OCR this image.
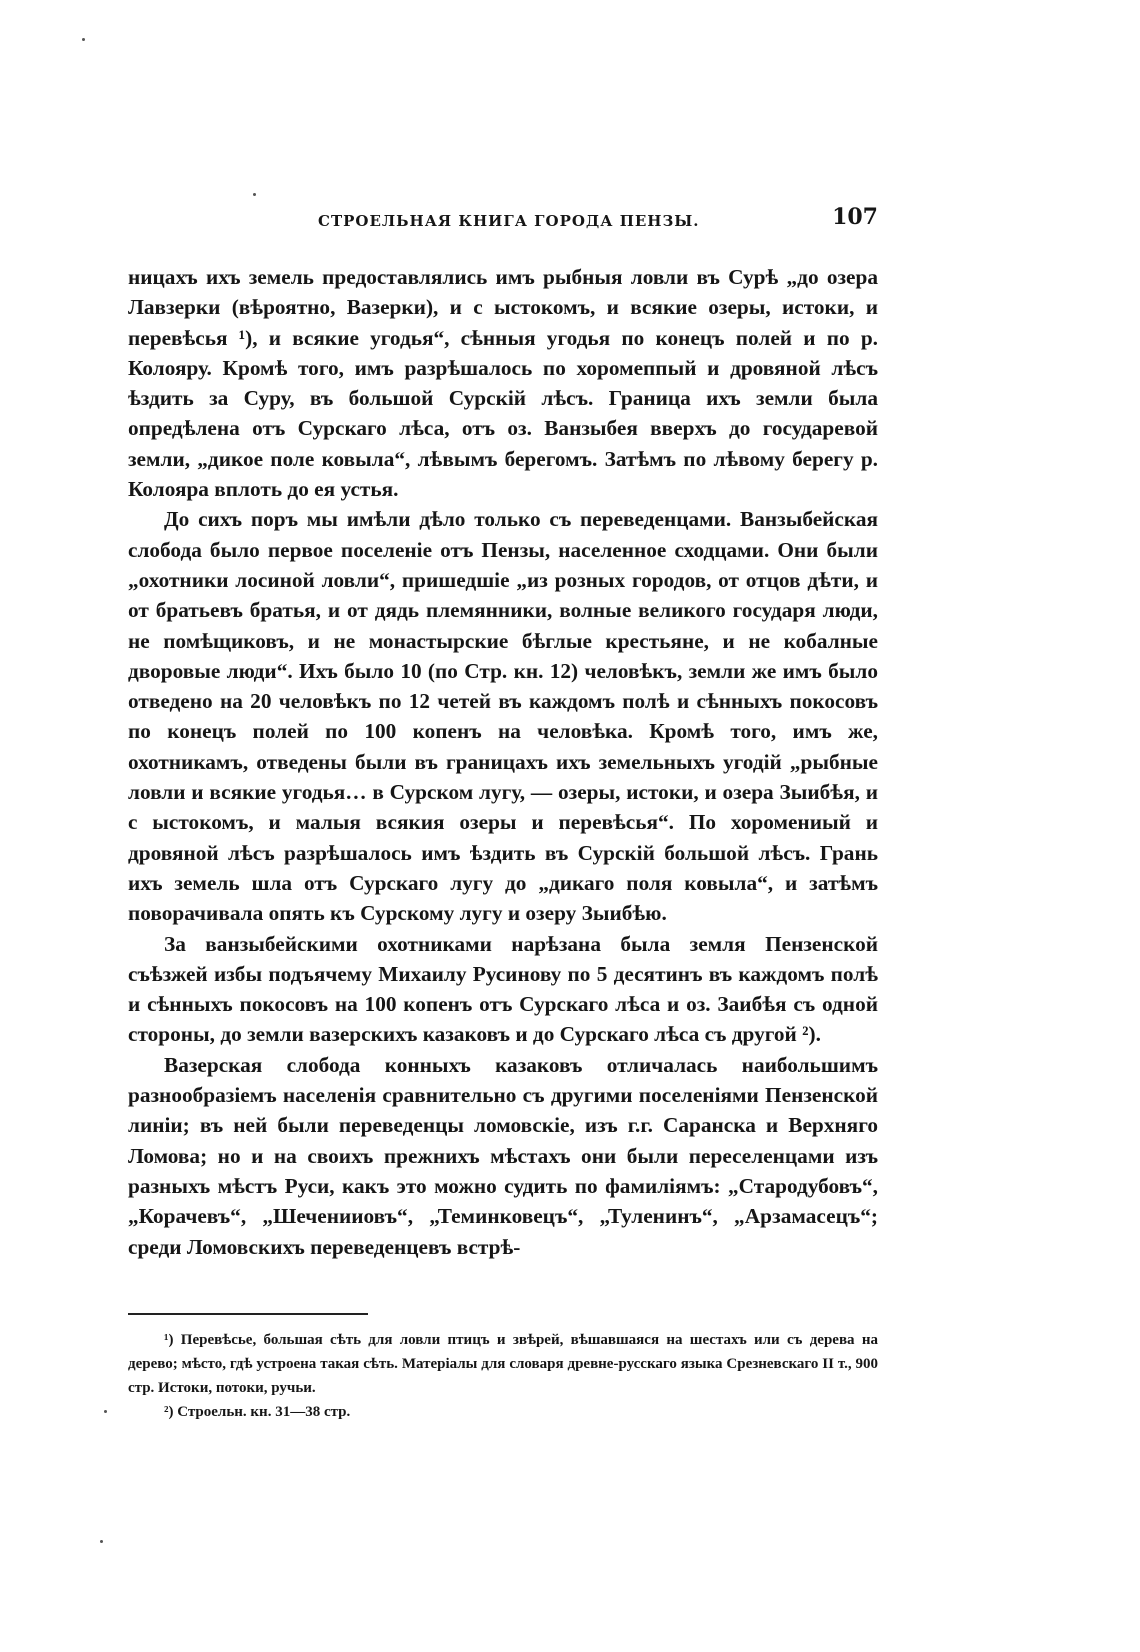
СТРОЕЛЬНАЯ КНИГА ГОРОДА ПЕНЗЫ.	107

ницахъ ихъ земель предоставлялись имъ рыбныя ловли въ Сурѣ „до озера Лавзерки (вѣроятно, Вазерки), и с ыстокомъ, и всякие озеры, истоки, и перевѣсья ¹), и всякие угодья“, сѣнныя угодья по конецъ полей и по р. Колояру. Кромѣ того, имъ разрѣшалось по хоромеппый и дровяной лѣсъ ѣздить за Суру, въ большой Сурскій лѣсъ. Граница ихъ земли была опредѣлена отъ Сурскаго лѣса, отъ оз. Ванзыбея вверхъ до государевой земли, „дикое поле ковыла“, лѣвымъ берегомъ. Затѣмъ по лѣвому берегу р. Колояра вплоть до ея устья.

До сихъ поръ мы имѣли дѣло только съ переведенцами. Ванзыбейская слобода было первое поселеніе отъ Пензы, населенное сходцами. Они были „охотники лосиной ловли“, пришедшіе „из розных городов, от отцов дѣти, и от братьевъ братья, и от дядь племянники, волные великого государя люди, не помѣщиковъ, и не монастырские бѣглые крестьяне, и не кобалные дворовые люди“. Ихъ было 10 (по Стр. кн. 12) человѣкъ, земли же имъ было отведено на 20 человѣкъ по 12 четей въ каждомъ полѣ и сѣнныхъ покосовъ по конецъ полей по 100 копенъ на человѣка. Кромѣ того, имъ же, охотникамъ, отведены были въ границахъ ихъ земельныхъ угодій „рыбные ловли и всякие угодья… в Сурском лугу, — озеры, истоки, и озера Зыибѣя, и с ыстокомъ, и малыя всякия озеры и перевѣсья“. По хоромениый и дровяной лѣсъ разрѣшалось имъ ѣздить въ Сурскій большой лѣсъ. Грань ихъ земель шла отъ Сурскаго лугу до „дикаго поля ковыла“, и затѣмъ поворачивала опять къ Сурскому лугу и озеру Зыибѣю.

За ванзыбейскими охотниками нарѣзана была земля Пензенской съѣзжей избы подъячему Михаилу Русинову по 5 десятинъ въ каждомъ полѣ и сѣнныхъ покосовъ на 100 копенъ отъ Сурскаго лѣса и оз. Заибѣя съ одной стороны, до земли вазерскихъ казаковъ и до Сурскаго лѣса съ другой ²).

Вазерская слобода конныхъ казаковъ отличалась наибольшимъ разнообразіемъ населенія сравнительно съ другими поселеніями Пензенской линіи; въ ней были переведенцы ломовскіе, изъ г.г. Саранска и Верхняго Ломова; но и на своихъ прежнихъ мѣстахъ они были переселенцами изъ разныхъ мѣстъ Руси, какъ это можно судить по фамиліямъ: „Стародубовъ“, „Корачевъ“, „Шеченииовъ“, „Теминковецъ“, „Туленинъ“, „Арзамасецъ“; среди Ломовскихъ переведенцевъ встрѣ-

¹) Перевѣсье, большая сѣть для ловли птицъ и звѣрей, вѣшавшаяся на шестахъ или съ дерева на дерево; мѣсто, гдѣ устроена такая сѣть. Матеріалы для словаря древне-русскаго языка Срезневскаго II т., 900 стр. Истоки, потоки, ручьи.

²) Строельн. кн. 31—38 стр.
